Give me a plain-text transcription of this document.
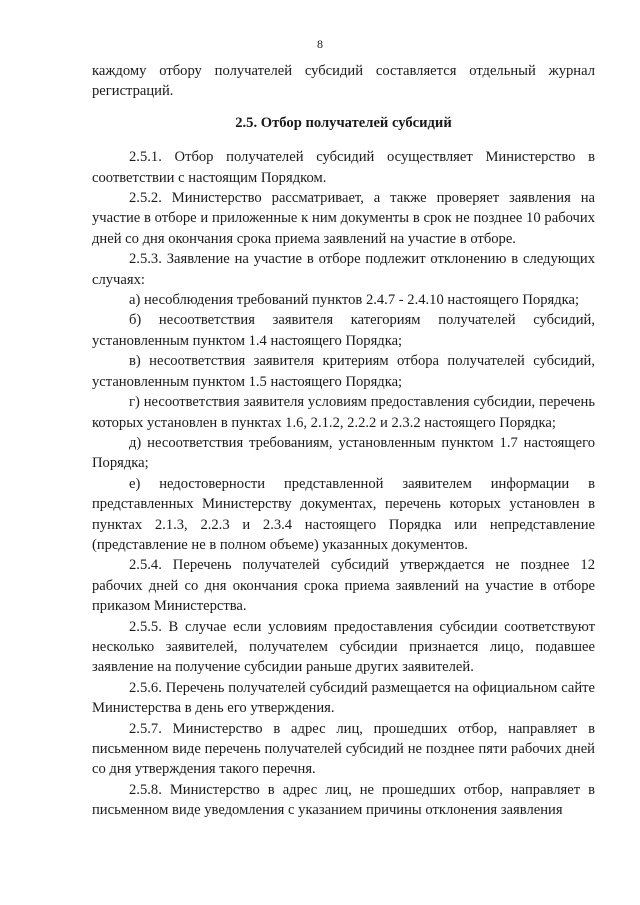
8

каждому отбору получателей субсидий составляется отдельный журнал регистраций.

2.5. Отбор получателей субсидий

2.5.1. Отбор получателей субсидий осуществляет Министерство в соответствии с настоящим Порядком.

2.5.2. Министерство рассматривает, а также проверяет заявления на участие в отборе и приложенные к ним документы в срок не позднее 10 рабочих дней со дня окончания срока приема заявлений на участие в отборе.

2.5.3. Заявление на участие в отборе подлежит отклонению в следующих случаях:

а) несоблюдения требований пунктов 2.4.7 - 2.4.10 настоящего Порядка;

б) несоответствия заявителя категориям получателей субсидий, установленным пунктом 1.4 настоящего Порядка;

в) несоответствия заявителя критериям отбора получателей субсидий, установленным пунктом 1.5 настоящего Порядка;

г) несоответствия заявителя условиям предоставления субсидии, перечень которых установлен в пунктах 1.6, 2.1.2, 2.2.2 и 2.3.2 настоящего Порядка;

д) несоответствия требованиям, установленным пунктом 1.7 настоящего Порядка;

е) недостоверности представленной заявителем информации в представленных Министерству документах, перечень которых установлен в пунктах 2.1.3, 2.2.3 и 2.3.4 настоящего Порядка или непредставление (представление не в полном объеме) указанных документов.

2.5.4. Перечень получателей субсидий утверждается не позднее 12 рабочих дней со дня окончания срока приема заявлений на участие в отборе приказом Министерства.

2.5.5. В случае если условиям предоставления субсидии соответствуют несколько заявителей, получателем субсидии признается лицо, подавшее заявление на получение субсидии раньше других заявителей.

2.5.6. Перечень получателей субсидий размещается на официальном сайте Министерства в день его утверждения.

2.5.7. Министерство в адрес лиц, прошедших отбор, направляет в письменном виде перечень получателей субсидий не позднее пяти рабочих дней со дня утверждения такого перечня.

2.5.8. Министерство в адрес лиц, не прошедших отбор, направляет в письменном виде уведомления с указанием причины отклонения заявления
